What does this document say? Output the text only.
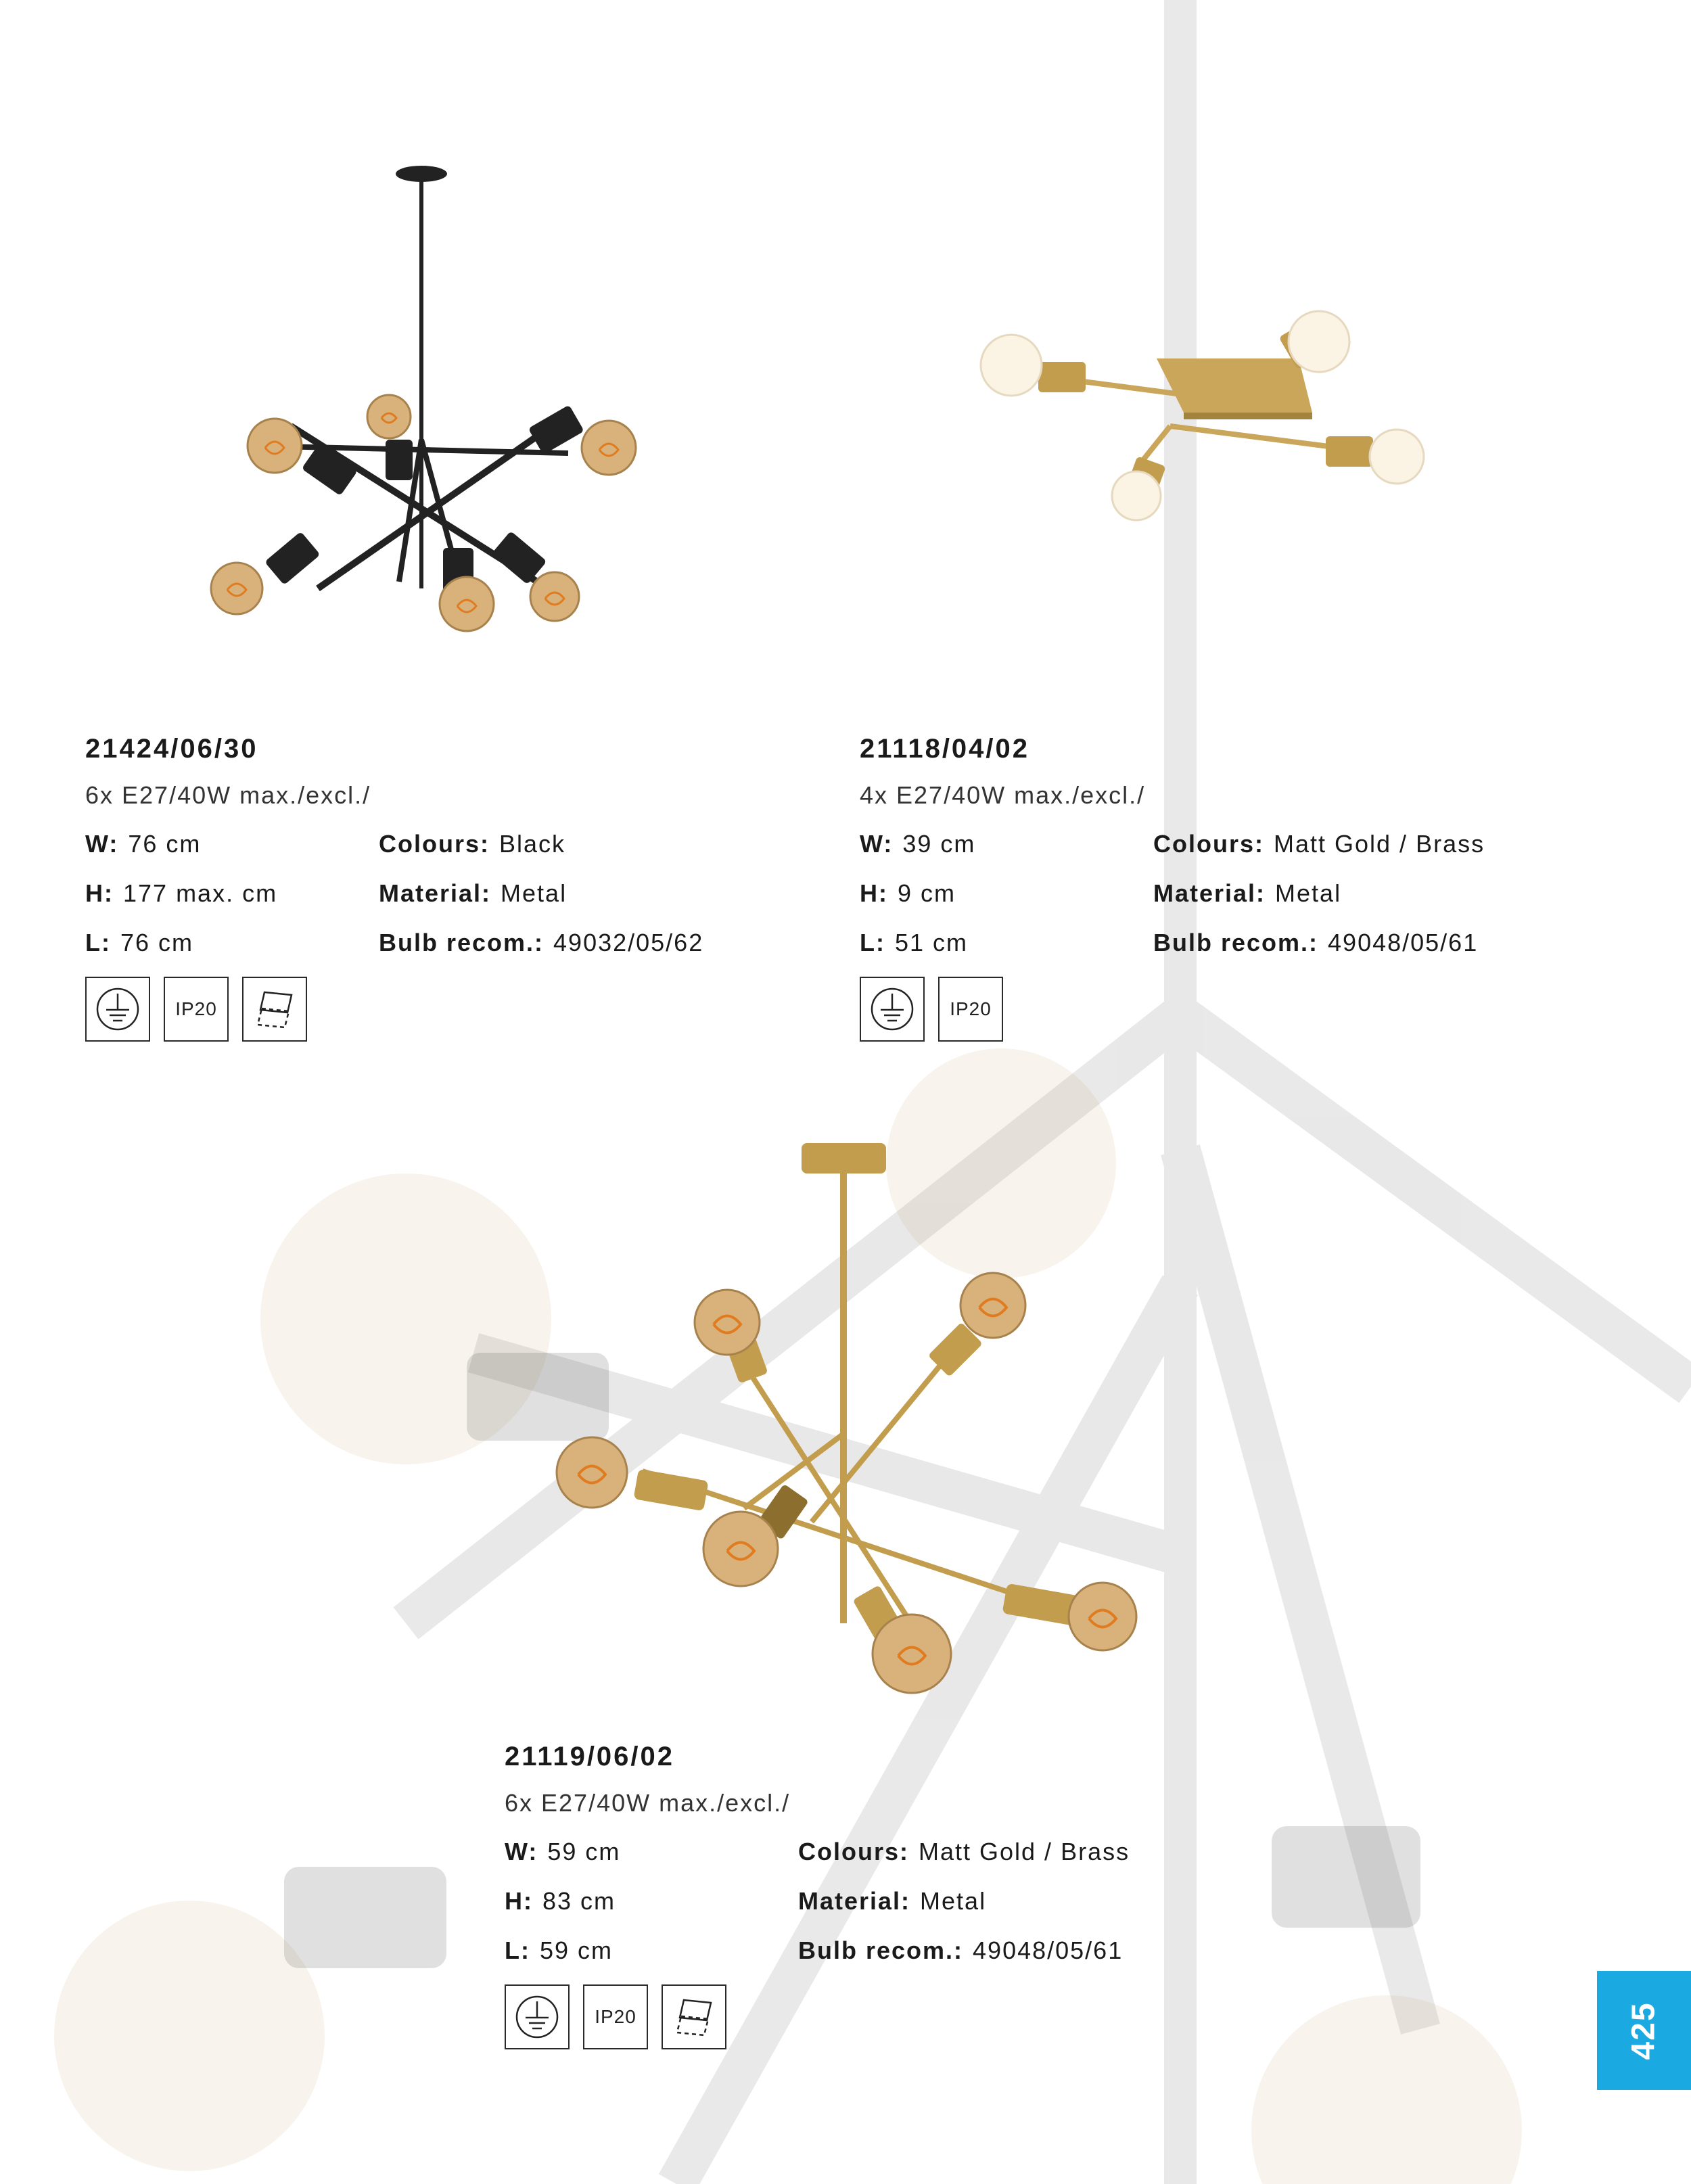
21424/06/30
6x E27/40W max./excl./
W: 76 cm	Colours: Black
H: 177 max. cm	Material: Metal
L: 76 cm	Bulb recom.: 49032/05/62
IP20
21118/04/02
4x E27/40W max./excl./
W: 39 cm	Colours: Matt Gold / Brass
H: 9 cm	Material: Metal
L: 51 cm	Bulb recom.: 49048/05/61
IP20
21119/06/02
6x E27/40W max./excl./
W: 59 cm	Colours: Matt Gold / Brass
H: 83 cm	Material: Metal
L: 59 cm	Bulb recom.: 49048/05/61
IP20	425
